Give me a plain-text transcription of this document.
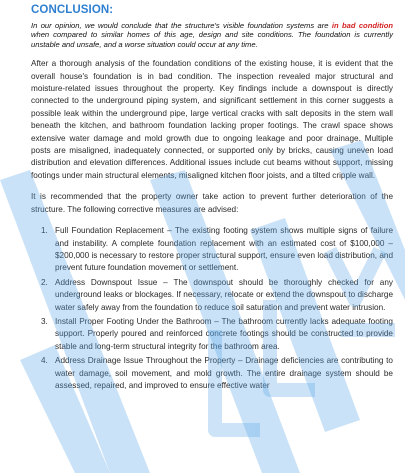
CONCLUSION:

In our opinion, we would conclude that the structure's visible foundation systems are in bad condition when compared to similar homes of this age, design and site conditions. The foundation is currently unstable and unsafe, and a worse situation could occur at any time.

After a thorough analysis of the foundation conditions of the existing house, it is evident that the overall house's foundation is in bad condition. The inspection revealed major structural and moisture-related issues throughout the property. Key findings include a downspout is directly connected to the underground piping system, and significant settlement in this corner suggests a possible leak within the underground pipe, large vertical cracks with salt deposits in the stem wall beneath the kitchen, and bathroom foundation lacking proper footings. The crawl space shows extensive water damage and mold growth due to ongoing leakage and poor drainage. Multiple posts are misaligned, inadequately connected, or supported only by bricks, causing uneven load distribution and elevation differences. Additional issues include cut beams without support, missing footings under main structural elements, misaligned kitchen floor joists, and a tilted cripple wall.

It is recommended that the property owner take action to prevent further deterioration of the structure. The following corrective measures are advised:

1. Full Foundation Replacement – The existing footing system shows multiple signs of failure and instability. A complete foundation replacement with an estimated cost of $100,000 – $200,000 is necessary to restore proper structural support, ensure even load distribution, and prevent future foundation movement or settlement.
2. Address Downspout Issue – The downspout should be thoroughly checked for any underground leaks or blockages. If necessary, relocate or extend the downspout to discharge water safely away from the foundation to reduce soil saturation and prevent water intrusion.
3. Install Proper Footing Under the Bathroom – The bathroom currently lacks adequate footing support. Properly poured and reinforced concrete footings should be constructed to provide stable and long-term structural integrity for the bathroom area.
4. Address Drainage Issue Throughout the Property – Drainage deficiencies are contributing to water damage, soil movement, and mold growth. The entire drainage system should be assessed, repaired, and improved to ensure effective water
